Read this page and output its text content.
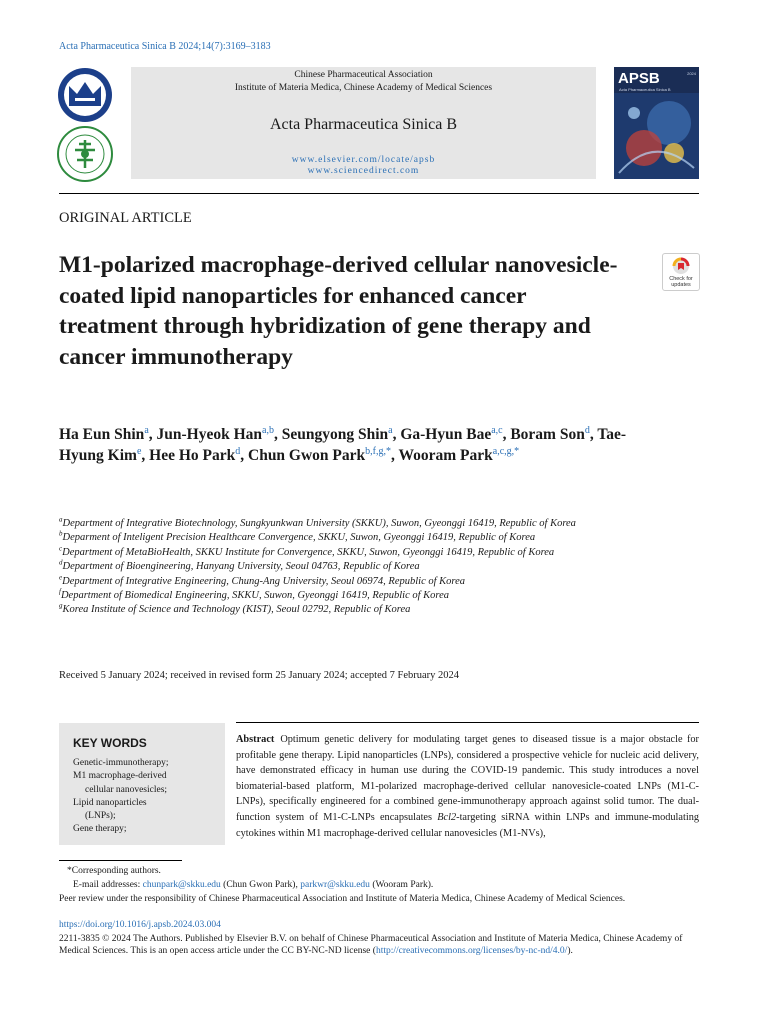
Acta Pharmaceutica Sinica B 2024;14(7):3169–3183
Chinese Pharmaceutical Association
Institute of Materia Medica, Chinese Academy of Medical Sciences
Acta Pharmaceutica Sinica B
www.elsevier.com/locate/apsb
www.sciencedirect.com
APSB	2024
Acta Pharmaceutica Sinica B
ORIGINAL ARTICLE
M1-polarized macrophage-derived cellular nanovesicle-coated lipid nanoparticles for enhanced cancer treatment through hybridization of gene therapy and cancer immunotherapy
Check for
updates
Ha Eun Shin$^a$, Jun-Hyeok Han$^{a,b}$, Seungyong Shin$^a$, Ga-Hyun Bae$^{a,c}$, Boram Son$^d$, Tae-Hyung Kim$^e$, Hee Ho Park$^d$, Chun Gwon Park$^{b,f,g,*}$, Wooram Park$^{a,c,g,*}$
$^a$Department of Integrative Biotechnology, Sungkyunkwan University (SKKU), Suwon, Gyeonggi 16419, Republic of Korea
$^b$Deparment of Inteligent Precision Healthcare Convergence, SKKU, Suwon, Gyeonggi 16419, Republic of Korea
$^c$Department of MetaBioHealth, SKKU Institute for Convergence, SKKU, Suwon, Gyeonggi 16419, Republic of Korea
$^d$Department of Bioengineering, Hanyang University, Seoul 04763, Republic of Korea
$^e$Department of Integrative Engineering, Chung-Ang University, Seoul 06974, Republic of Korea
$^f$Department of Biomedical Engineering, SKKU, Suwon, Gyeonggi 16419, Republic of Korea
$^g$Korea Institute of Science and Technology (KIST), Seoul 02792, Republic of Korea
Received 5 January 2024; received in revised form 25 January 2024; accepted 7 February 2024
KEY WORDS
Genetic-immunotherapy;
M1 macrophage-derived
cellular nanovesicles;
Lipid nanoparticles
(LNPs);
Gene therapy;
Abstract Optimum genetic delivery for modulating target genes to diseased tissue is a major obstacle for profitable gene therapy. Lipid nanoparticles (LNPs), considered a prospective vehicle for nucleic acid delivery, have demonstrated efficacy in human use during the COVID-19 pandemic. This study introduces a novel biomaterial-based platform, M1-polarized macrophage-derived cellular nanovesicle-coated LNPs (M1-C-LNPs), specifically engineered for a combined gene-immunotherapy approach against solid tumor. The dual-function system of M1-C-LNPs encapsulates Bcl2-targeting siRNA within LNPs and immune-modulating cytokines within M1 macrophage-derived cellular nanovesicles (M1-NVs),
*Corresponding authors.
E-mail addresses: chunpark@skku.edu (Chun Gwon Park), parkwr@skku.edu (Wooram Park).
Peer review under the responsibility of Chinese Pharmaceutical Association and Institute of Materia Medica, Chinese Academy of Medical Sciences.
https://doi.org/10.1016/j.apsb.2024.03.004
2211-3835 © 2024 The Authors. Published by Elsevier B.V. on behalf of Chinese Pharmaceutical Association and Institute of Materia Medica, Chinese Academy of Medical Sciences. This is an open access article under the CC BY-NC-ND license (http://creativecommons.org/licenses/by-nc-nd/4.0/).
